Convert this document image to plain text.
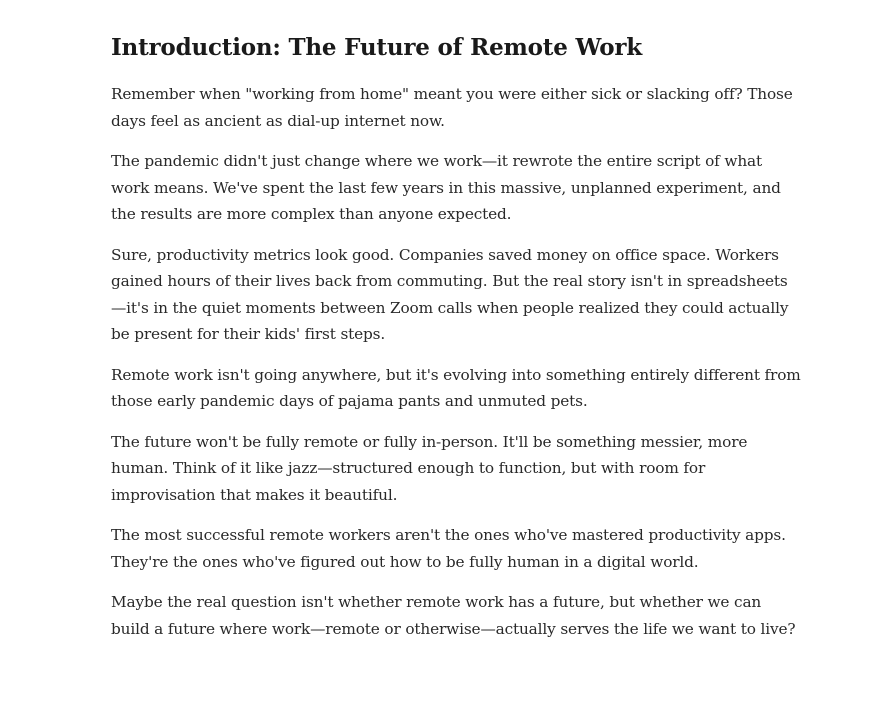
Introduction: The Future of Remote Work

Remember when "working from home" meant you were either sick or slacking off? Those days feel as ancient as dial-up internet now.

The pandemic didn't just change where we work—it rewrote the entire script of what work means. We've spent the last few years in this massive, unplanned experiment, and the results are more complex than anyone expected.

Sure, productivity metrics look good. Companies saved money on office space. Workers gained hours of their lives back from commuting. But the real story isn't in spreadsheets—it's in the quiet moments between Zoom calls when people realized they could actually be present for their kids' first steps.

Remote work isn't going anywhere, but it's evolving into something entirely different from those early pandemic days of pajama pants and unmuted pets.

The future won't be fully remote or fully in-person. It'll be something messier, more human. Think of it like jazz—structured enough to function, but with room for improvisation that makes it beautiful.

The most successful remote workers aren't the ones who've mastered productivity apps. They're the ones who've figured out how to be fully human in a digital world.

Maybe the real question isn't whether remote work has a future, but whether we can build a future where work—remote or otherwise—actually serves the life we want to live?
